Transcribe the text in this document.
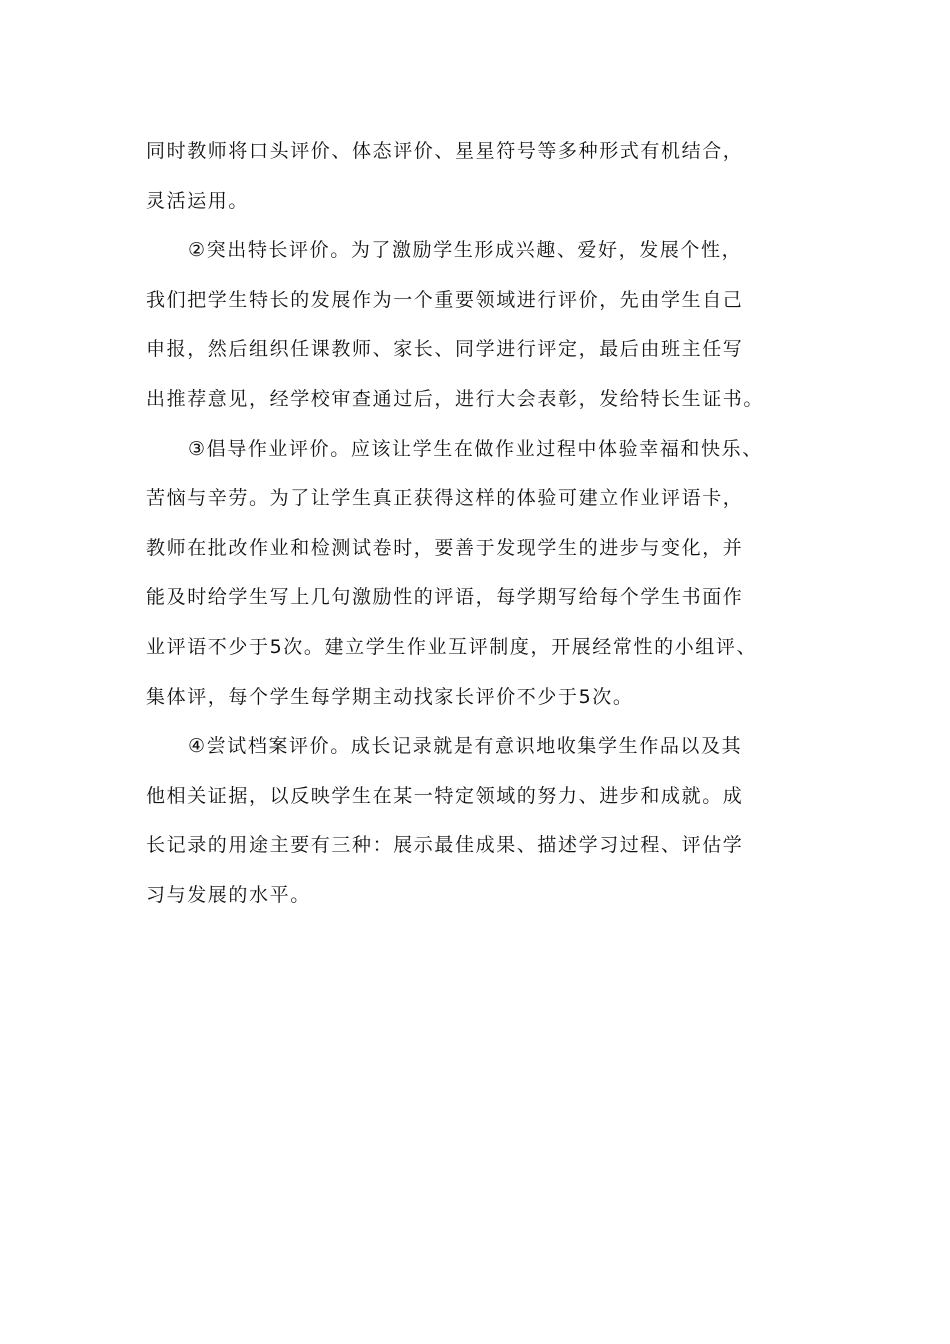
同时教师将口头评价、体态评价、星星符号等多种形式有机结合，
灵活运用。
②突出特长评价。为了激励学生形成兴趣、爱好，发展个性，
我们把学生特长的发展作为一个重要领域进行评价，先由学生自己
申报，然后组织任课教师、家长、同学进行评定，最后由班主任写
出推荐意见，经学校审查通过后，进行大会表彰，发给特长生证书。
③倡导作业评价。应该让学生在做作业过程中体验幸福和快乐、
苦恼与辛劳。为了让学生真正获得这样的体验可建立作业评语卡，
教师在批改作业和检测试卷时，要善于发现学生的进步与变化，并
能及时给学生写上几句激励性的评语，每学期写给每个学生书面作
业评语不少于5次。建立学生作业互评制度，开展经常性的小组评、
集体评，每个学生每学期主动找家长评价不少于5次。
④尝试档案评价。成长记录就是有意识地收集学生作品以及其
他相关证据，以反映学生在某一特定领域的努力、进步和成就。成
长记录的用途主要有三种：展示最佳成果、描述学习过程、评估学
习与发展的水平。
